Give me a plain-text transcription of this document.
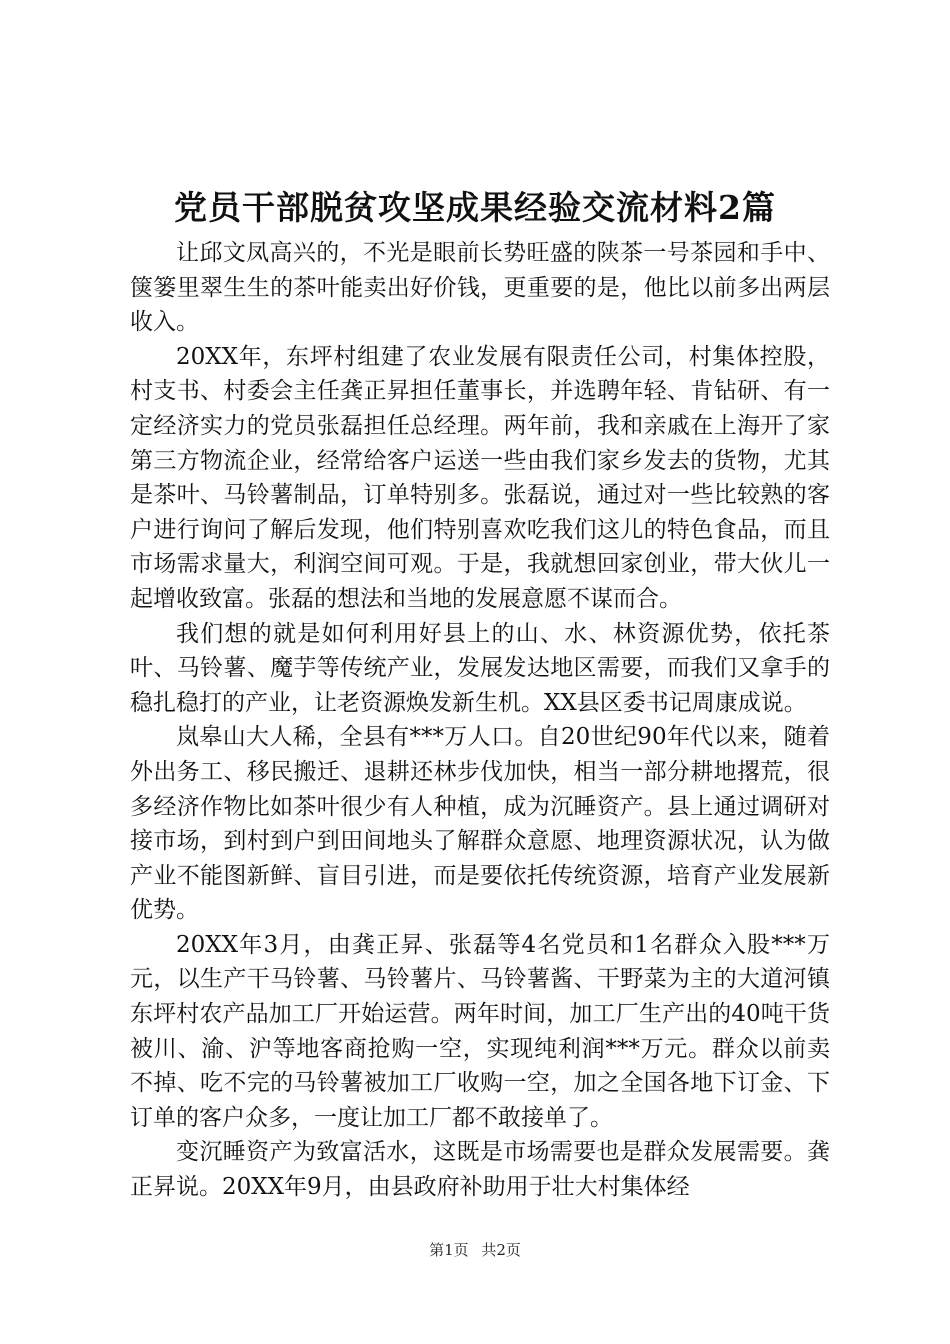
党员干部脱贫攻坚成果经验交流材料2篇

让邱文凤高兴的，不光是眼前长势旺盛的陕茶一号茶园和手中、箧篓里翠生生的茶叶能卖出好价钱，更重要的是，他比以前多出两层收入。

20XX年，东坪村组建了农业发展有限责任公司，村集体控股，村支书、村委会主任龚正昇担任董事长，并选聘年轻、肯钻研、有一定经济实力的党员张磊担任总经理。两年前，我和亲戚在上海开了家第三方物流企业，经常给客户运送一些由我们家乡发去的货物，尤其是茶叶、马铃薯制品，订单特别多。张磊说，通过对一些比较熟的客户进行询问了解后发现，他们特别喜欢吃我们这儿的特色食品，而且市场需求量大，利润空间可观。于是，我就想回家创业，带大伙儿一起增收致富。张磊的想法和当地的发展意愿不谋而合。

我们想的就是如何利用好县上的山、水、林资源优势，依托茶叶、马铃薯、魔芋等传统产业，发展发达地区需要，而我们又拿手的稳扎稳打的产业，让老资源焕发新生机。XX县区委书记周康成说。

岚皋山大人稀，全县有***万人口。自20世纪90年代以来，随着外出务工、移民搬迁、退耕还林步伐加快，相当一部分耕地撂荒，很多经济作物比如茶叶很少有人种植，成为沉睡资产。县上通过调研对接市场，到村到户到田间地头了解群众意愿、地理资源状况，认为做产业不能图新鲜、盲目引进，而是要依托传统资源，培育产业发展新优势。

20XX年3月，由龚正昇、张磊等4名党员和1名群众入股***万元，以生产干马铃薯、马铃薯片、马铃薯酱、干野菜为主的大道河镇东坪村农产品加工厂开始运营。两年时间，加工厂生产出的40吨干货被川、渝、沪等地客商抢购一空，实现纯利润***万元。群众以前卖不掉、吃不完的马铃薯被加工厂收购一空，加之全国各地下订金、下订单的客户众多，一度让加工厂都不敢接单了。

变沉睡资产为致富活水，这既是市场需要也是群众发展需要。龚正昇说。20XX年9月，由县政府补助用于壮大村集体经

第1页 共2页
